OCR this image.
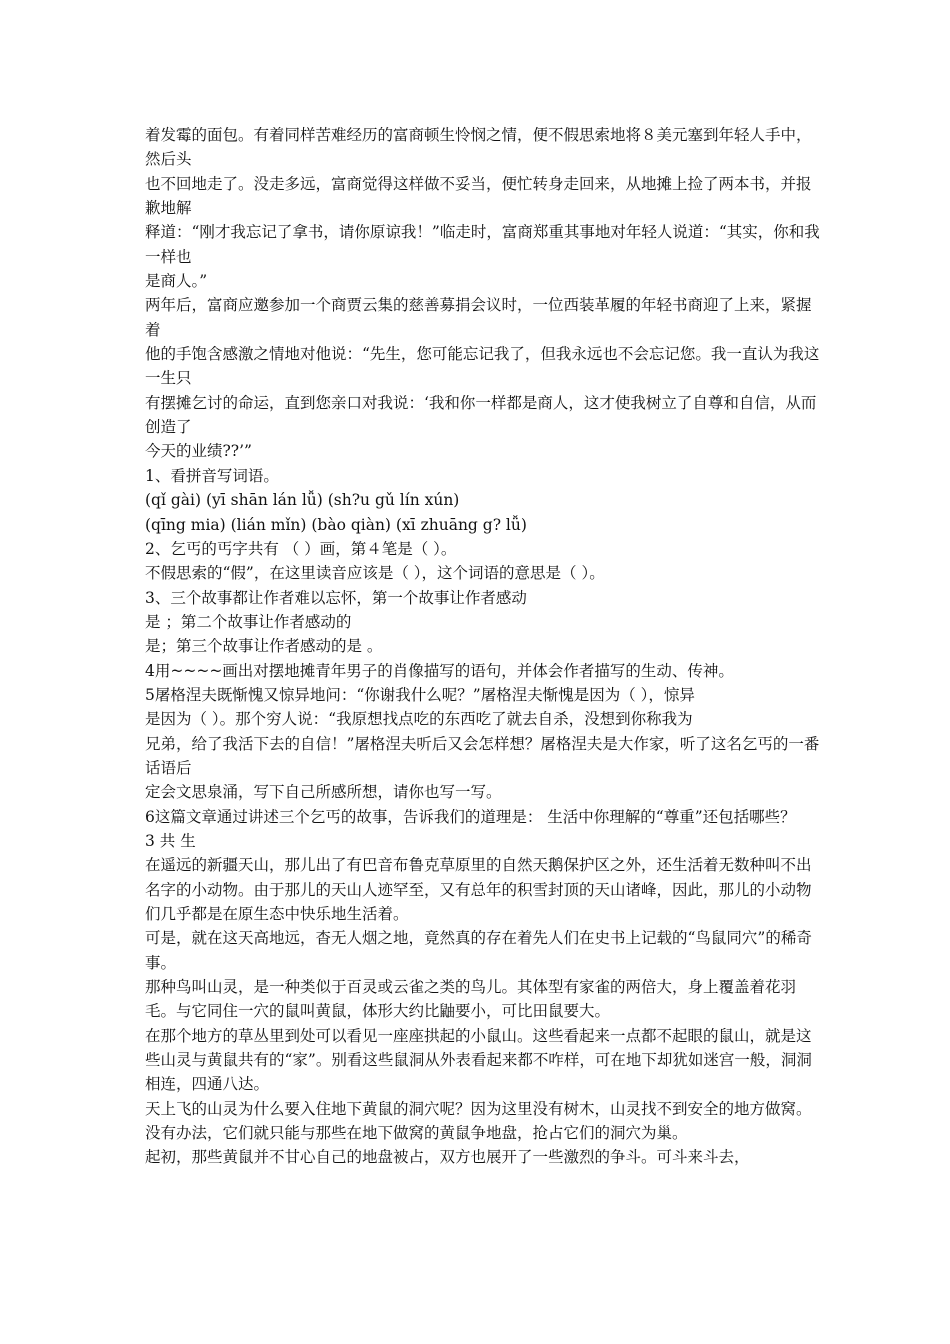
着发霉的面包。有着同样苦难经历的富商顿生怜悯之情，便不假思索地将８美元塞到年轻人手中，然后头

也不回地走了。没走多远，富商觉得这样做不妥当，便忙转身走回来，从地摊上捡了两本书，并报歉地解

释道：“刚才我忘记了拿书，请你原谅我！”临走时，富商郑重其事地对年轻人说道：“其实，你和我一样也

是商人。”

两年后，富商应邀参加一个商贾云集的慈善募捐会议时，一位西装革履的年轻书商迎了上来，紧握着

他的手饱含感激之情地对他说：“先生，您可能忘记我了，但我永远也不会忘记您。我一直认为我这一生只

有摆摊乞讨的命运，直到您亲口对我说：‘我和你一样都是商人，这才使我树立了自尊和自信，从而创造了

今天的业绩??’”

1、看拼音写词语。

(qǐ gài) (yī shān lán lǚ) (sh?u gǔ lín xún)

(qīng mia) (lián mǐn) (bào qiàn) (xī zhuāng g? lǚ)

2、乞丐的丐字共有 （ ）画，第４笔是（ ）。

不假思索的“假”，在这里读音应该是（ ），这个词语的意思是（ ）。

3、三个故事都让作者难以忘怀，第一个故事让作者感动

是 ；第二个故事让作者感动的

是；第三个故事让作者感动的是 。

4用~~~~画出对摆地摊青年男子的肖像描写的语句，并体会作者描写的生动、传神。

5屠格涅夫既惭愧又惊异地问：“你谢我什么呢？”屠格涅夫惭愧是因为（ ），惊异

是因为（ ）。那个穷人说：“我原想找点吃的东西吃了就去自杀，没想到你称我为

兄弟，给了我活下去的自信！”屠格涅夫听后又会怎样想？屠格涅夫是大作家，听了这名乞丐的一番话语后

定会文思泉涌，写下自己所感所想，请你也写一写。

6这篇文章通过讲述三个乞丐的故事，告诉我们的道理是： 生活中你理解的“尊重”还包括哪些？

3 共 生

在遥远的新疆天山，那儿出了有巴音布鲁克草原里的自然天鹅保护区之外，还生活着无数种叫不出名字的小动物。由于那儿的天山人迹罕至，又有总年的积雪封顶的天山诸峰，因此，那儿的小动物们几乎都是在原生态中快乐地生活着。

可是，就在这天高地远，杳无人烟之地，竟然真的存在着先人们在史书上记载的“鸟鼠同穴”的稀奇事。

那种鸟叫山灵，是一种类似于百灵或云雀之类的鸟儿。其体型有家雀的两倍大，身上覆盖着花羽毛。与它同住一穴的鼠叫黄鼠，体形大约比鼬要小，可比田鼠要大。

在那个地方的草丛里到处可以看见一座座拱起的小鼠山。这些看起来一点都不起眼的鼠山，就是这些山灵与黄鼠共有的“家”。别看这些鼠洞从外表看起来都不咋样，可在地下却犹如迷宫一般，洞洞相连，四通八达。

天上飞的山灵为什么要入住地下黄鼠的洞穴呢？因为这里没有树木，山灵找不到安全的地方做窝。没有办法，它们就只能与那些在地下做窝的黄鼠争地盘，抢占它们的洞穴为巢。

起初，那些黄鼠并不甘心自己的地盘被占，双方也展开了一些激烈的争斗。可斗来斗去，
